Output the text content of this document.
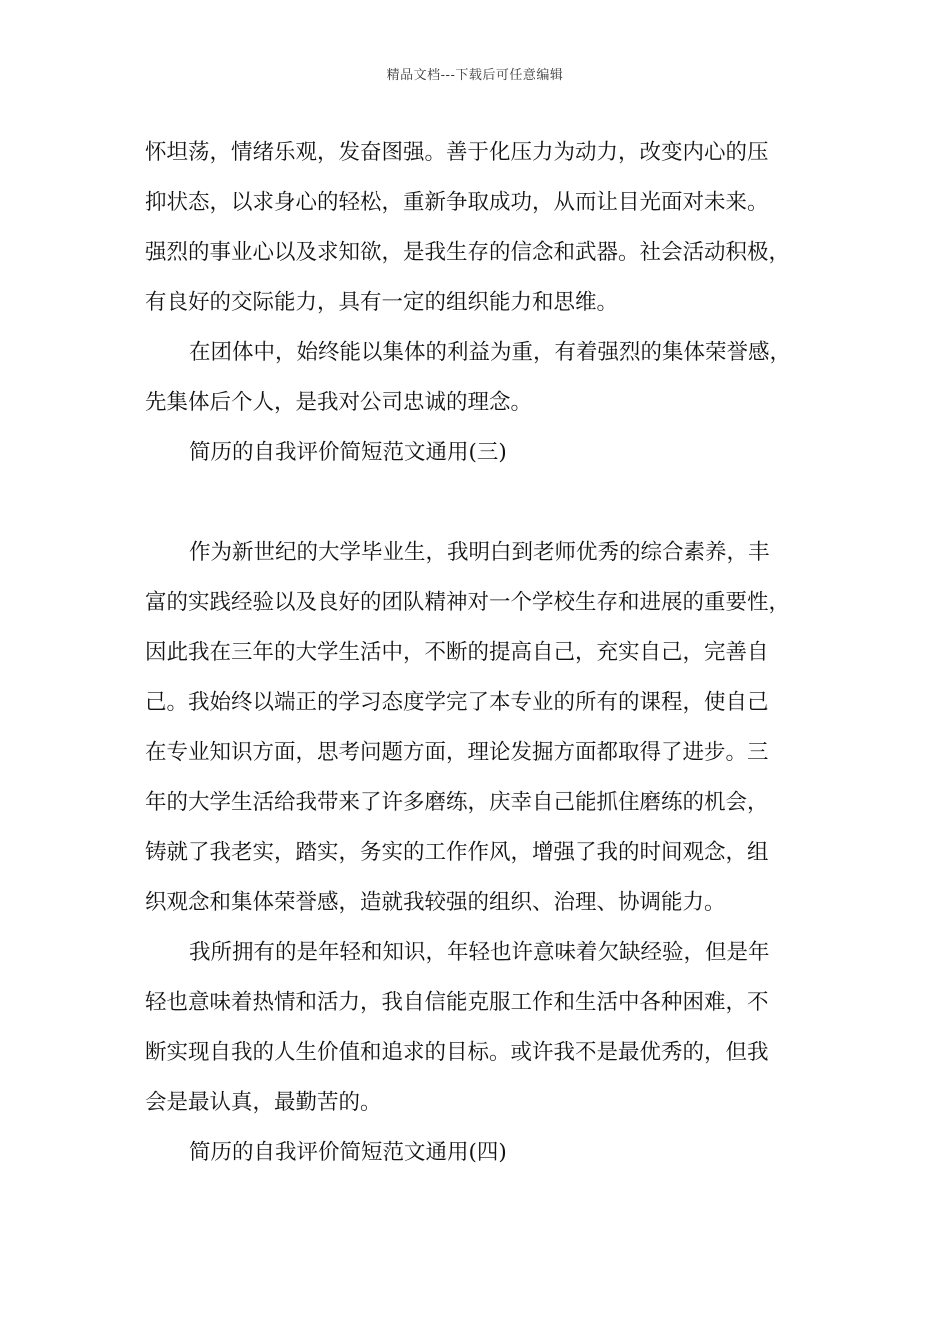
精品文档---下载后可任意编辑
怀坦荡，情绪乐观，发奋图强。善于化压力为动力，改变内心的压
抑状态，以求身心的轻松，重新争取成功，从而让目光面对未来。
强烈的事业心以及求知欲，是我生存的信念和武器。社会活动积极，
有良好的交际能力，具有一定的组织能力和思维。
在团体中，始终能以集体的利益为重，有着强烈的集体荣誉感，
先集体后个人，是我对公司忠诚的理念。
简历的自我评价简短范文通用(三)
作为新世纪的大学毕业生，我明白到老师优秀的综合素养，丰
富的实践经验以及良好的团队精神对一个学校生存和进展的重要性，
因此我在三年的大学生活中，不断的提高自己，充实自己，完善自
己。我始终以端正的学习态度学完了本专业的所有的课程，使自己
在专业知识方面，思考问题方面，理论发掘方面都取得了进步。三
年的大学生活给我带来了许多磨练，庆幸自己能抓住磨练的机会，
铸就了我老实，踏实，务实的工作作风，增强了我的时间观念，组
织观念和集体荣誉感，造就我较强的组织、治理、协调能力。
我所拥有的是年轻和知识，年轻也许意味着欠缺经验，但是年
轻也意味着热情和活力，我自信能克服工作和生活中各种困难，不
断实现自我的人生价值和追求的目标。或许我不是最优秀的，但我
会是最认真，最勤苦的。
简历的自我评价简短范文通用(四)
